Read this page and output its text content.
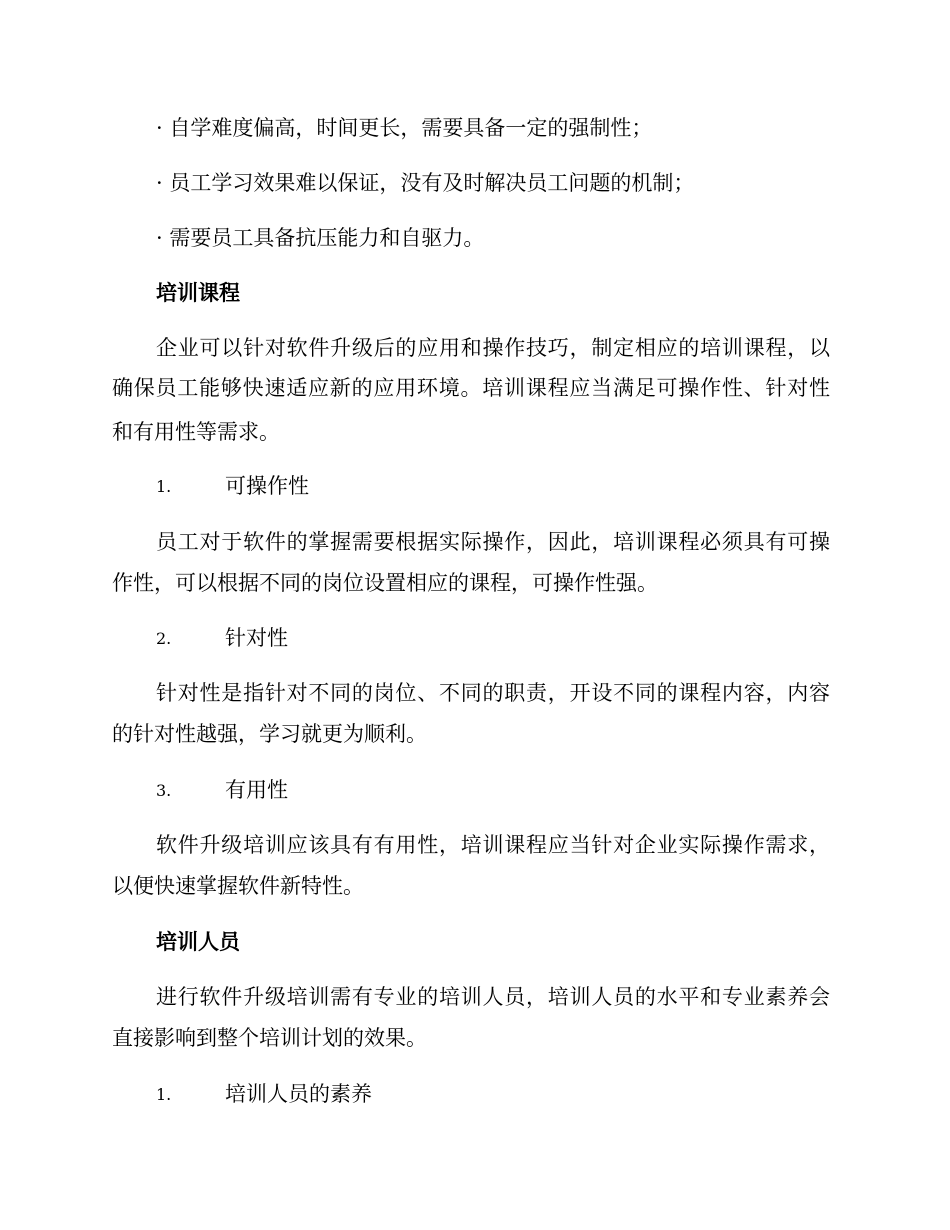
· 自学难度偏高，时间更长，需要具备一定的强制性；
· 员工学习效果难以保证，没有及时解决员工问题的机制；
· 需要员工具备抗压能力和自驱力。
培训课程
企业可以针对软件升级后的应用和操作技巧，制定相应的培训课程，以
确保员工能够快速适应新的应用环境。培训课程应当满足可操作性、针对性
和有用性等需求。
1.	可操作性
员工对于软件的掌握需要根据实际操作，因此，培训课程必须具有可操
作性，可以根据不同的岗位设置相应的课程，可操作性强。
2.	针对性
针对性是指针对不同的岗位、不同的职责，开设不同的课程内容，内容
的针对性越强，学习就更为顺利。
3.	有用性
软件升级培训应该具有有用性，培训课程应当针对企业实际操作需求，
以便快速掌握软件新特性。
培训人员
进行软件升级培训需有专业的培训人员，培训人员的水平和专业素养会
直接影响到整个培训计划的效果。
1.	培训人员的素养
